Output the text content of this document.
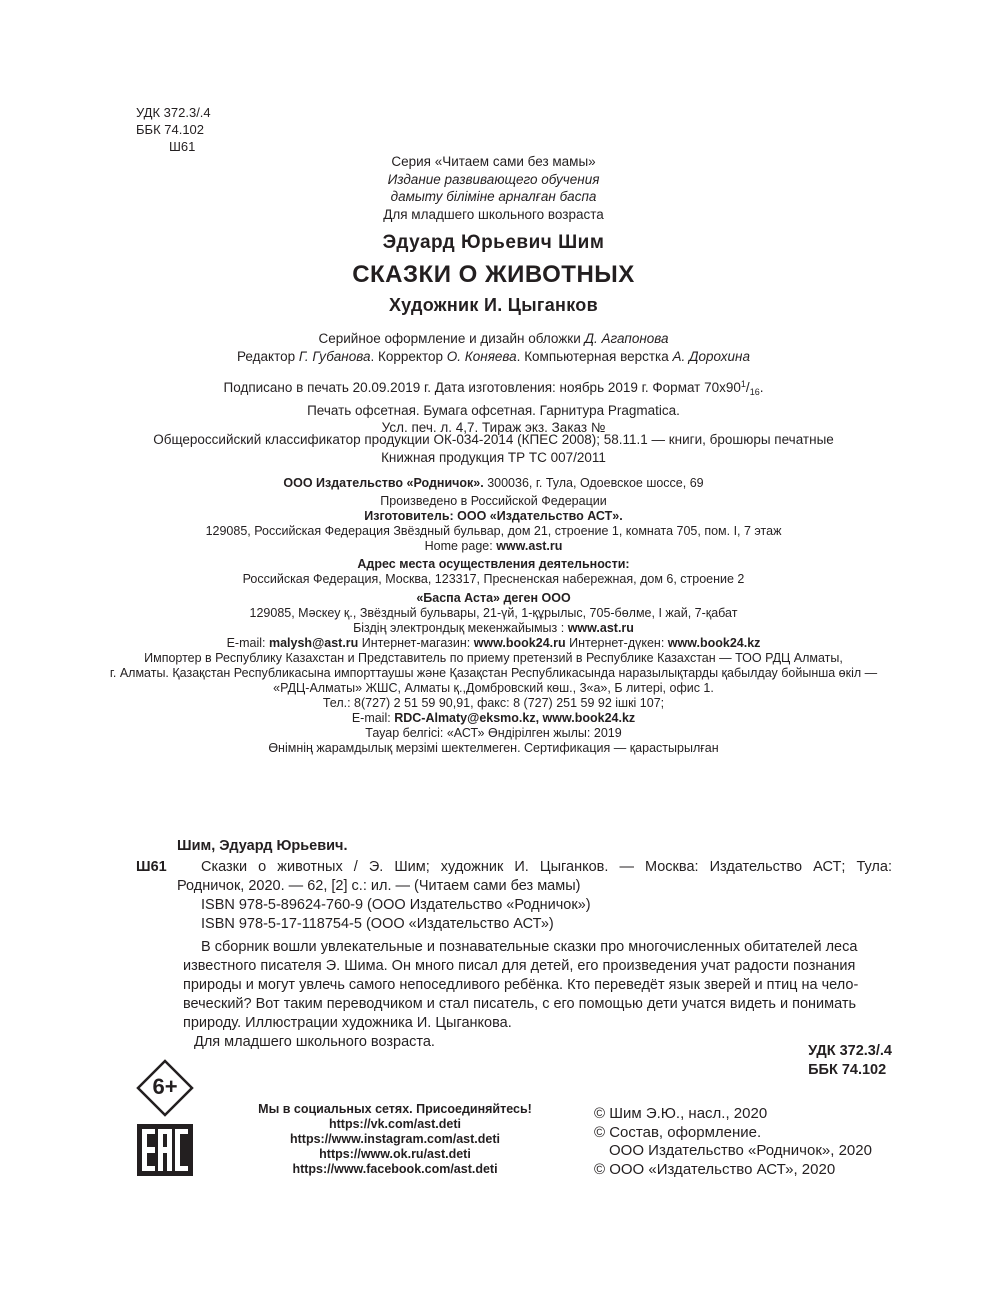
УДК 372.3/.4
ББК 74.102
Ш61
Серия «Читаем сами без мамы»
Издание развивающего обучения
дамыту біліміне арналған баспа
Для младшего школьного возраста
Эдуард Юрьевич Шим
СКАЗКИ О ЖИВОТНЫХ
Художник И. Цыганков
Серийное оформление и дизайн обложки Д. Агапонова
Редактор Г. Губанова. Корректор О. Коняева. Компьютерная верстка А. Дорохина
Подписано в печать 20.09.2019 г. Дата изготовления: ноябрь 2019 г. Формат $70х90^1/_{16}$.
Печать офсетная. Бумага офсетная. Гарнитура Pragmatica.
Усл. печ. л. 4,7. Тираж экз. Заказ №
Общероссийский классификатор продукции ОК-034-2014 (КПЕС 2008); 58.11.1 — книги, брошюры печатные
Книжная продукция ТР ТС 007/2011
ООО Издательство «Родничок». 300036, г. Тула, Одоевское шоссе, 69
Произведено в Российской Федерации
Изготовитель: ООО «Издательство АСТ».
129085, Российская Федерация Звёздный бульвар, дом 21, строение 1, комната 705, пом. I, 7 этаж
Home page: www.ast.ru
Адрес места осуществления деятельности:
Российская Федерация, Москва, 123317, Пресненская набережная, дом 6, строение 2
«Баспа Аста» деген ООО
129085, Мәскеу қ., Звёздный бульвары, 21-үй, 1-құрылыс, 705-бөлме, I жай, 7-қабат
Біздің электрондық мекенжайымыз : www.ast.ru
E-mail: malysh@ast.ru Интернет-магазин: www.book24.ru Интернет-дүкен: www.book24.kz
Импортер в Республику Казахстан и Представитель по приему претензий в Республике Казахстан — ТОО РДЦ Алматы,
г. Алматы. Қазақстан Республикасына импорттаушы және Қазақстан Республикасында наразылықтарды қабылдау бойынша өкіл —
«РДЦ-Алматы» ЖШС, Алматы қ.,Домбровский көш., 3«а», Б литері, офис 1.
Тел.: 8(727) 2 51 59 90,91, факс: 8 (727) 251 59 92 ішкі 107;
E-mail: RDC-Almaty@eksmo.kz, www.book24.kz
Тауар белгісі: «АСТ» Өндірілген жылы: 2019
Өнімнің жарамдылық мерзімі шектелмеген. Сертификация — қарастырылған
Шим, Эдуард Юрьевич.
Ш61	Сказки о животных / Э. Шим; художник И. Цыганков. — Москва: Издательство АСТ; Тула:
Родничок, 2020. — 62, [2] с.: ил. — (Читаем сами без мамы)
ISBN 978-5-89624-760-9 (ООО Издательство «Родничок»)
ISBN 978-5-17-118754-5 (ООО «Издательство АСТ»)
В сборник вошли увлекательные и познавательные сказки про многочисленных обитателей леса
известного писателя Э. Шима. Он много писал для детей, его произведения учат радости познания
природы и могут увлечь самого непоседливого ребёнка. Кто переведёт язык зверей и птиц на чело-
веческий? Вот таким переводчиком и стал писатель, с его помощью дети учатся видеть и понимать
природу. Иллюстрации художника И. Цыганкова.
Для младшего школьного возраста.
УДК 372.3/.4
ББК 74.102
6+
Мы в социальных сетях. Присоединяйтесь!
https://vk.com/ast.deti
https://www.instagram.com/ast.deti
https://www.ok.ru/ast.deti
https://www.facebook.com/ast.deti
© Шим Э.Ю., насл., 2020
© Состав, оформление.
ООО Издательство «Родничок», 2020
© ООО «Издательство АСТ», 2020
